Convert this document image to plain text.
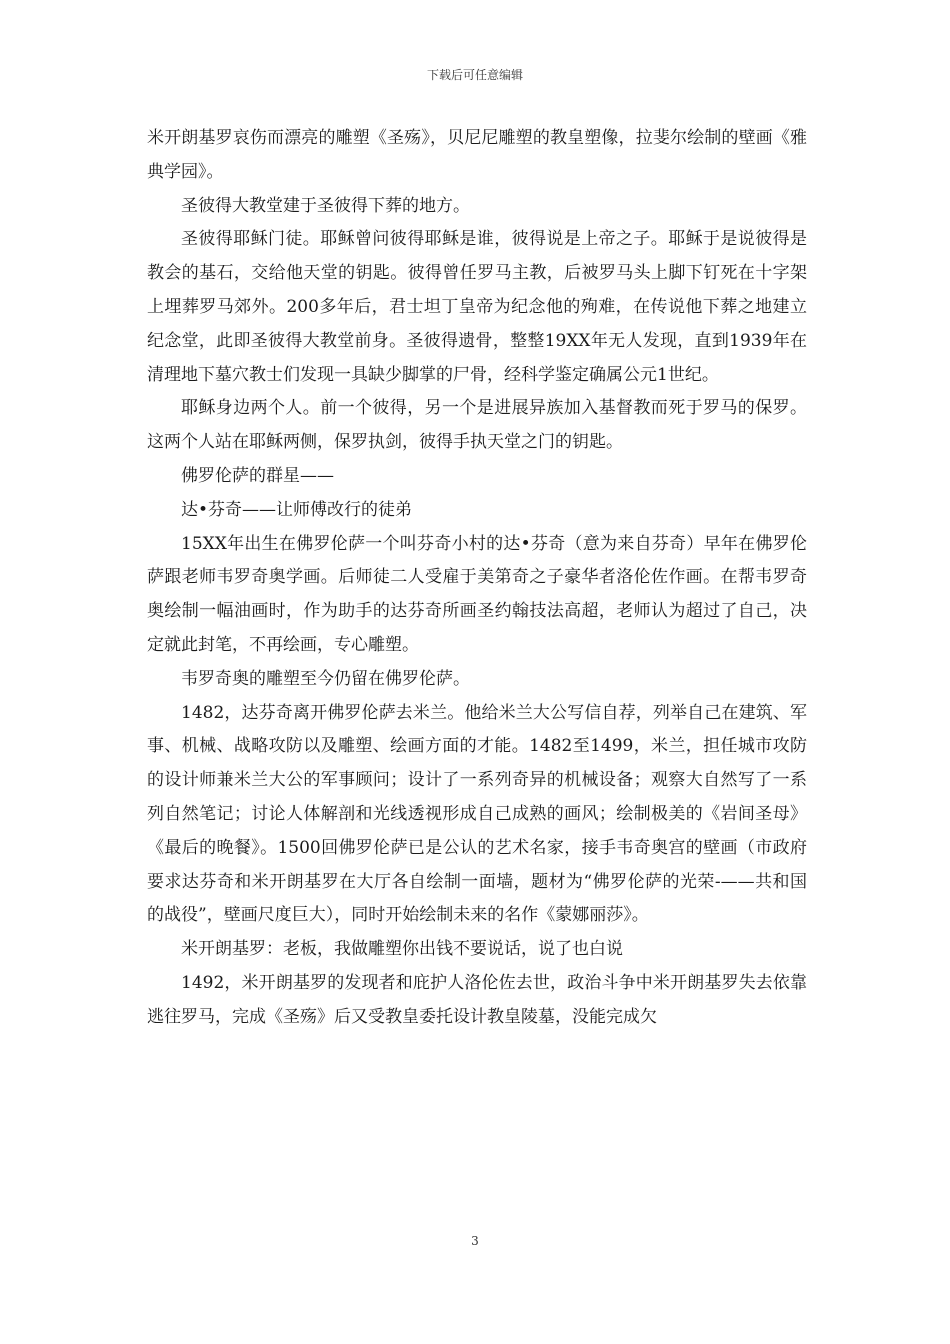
下载后可任意编辑

米开朗基罗哀伤而漂亮的雕塑《圣殇》，贝尼尼雕塑的教皇塑像，拉斐尔绘制的壁画《雅典学园》。

圣彼得大教堂建于圣彼得下葬的地方。

圣彼得耶稣门徒。耶稣曾问彼得耶稣是谁，彼得说是上帝之子。耶稣于是说彼得是教会的基石，交给他天堂的钥匙。彼得曾任罗马主教，后被罗马头上脚下钉死在十字架上埋葬罗马郊外。200多年后，君士坦丁皇帝为纪念他的殉难，在传说他下葬之地建立纪念堂，此即圣彼得大教堂前身。圣彼得遗骨，整整19XX年无人发现，直到1939年在清理地下墓穴教士们发现一具缺少脚掌的尸骨，经科学鉴定确属公元1世纪。

耶稣身边两个人。前一个彼得，另一个是进展异族加入基督教而死于罗马的保罗。这两个人站在耶稣两侧，保罗执剑，彼得手执天堂之门的钥匙。

佛罗伦萨的群星——

达•芬奇——让师傅改行的徒弟

15XX年出生在佛罗伦萨一个叫芬奇小村的达•芬奇（意为来自芬奇）早年在佛罗伦萨跟老师韦罗奇奥学画。后师徒二人受雇于美第奇之子豪华者洛伦佐作画。在帮韦罗奇奥绘制一幅油画时，作为助手的达芬奇所画圣约翰技法高超，老师认为超过了自己，决定就此封笔，不再绘画，专心雕塑。

韦罗奇奥的雕塑至今仍留在佛罗伦萨。

1482，达芬奇离开佛罗伦萨去米兰。他给米兰大公写信自荐，列举自己在建筑、军事、机械、战略攻防以及雕塑、绘画方面的才能。1482至1499，米兰，担任城市攻防的设计师兼米兰大公的军事顾问；设计了一系列奇异的机械设备；观察大自然写了一系列自然笔记；讨论人体解剖和光线透视形成自己成熟的画风；绘制极美的《岩间圣母》《最后的晚餐》。1500回佛罗伦萨已是公认的艺术名家，接手韦奇奥宫的壁画（市政府要求达芬奇和米开朗基罗在大厅各自绘制一面墙，题材为“佛罗伦萨的光荣-——共和国的战役”，壁画尺度巨大），同时开始绘制未来的名作《蒙娜丽莎》。

米开朗基罗：老板，我做雕塑你出钱不要说话，说了也白说

1492，米开朗基罗的发现者和庇护人洛伦佐去世，政治斗争中米开朗基罗失去依靠逃往罗马，完成《圣殇》后又受教皇委托设计教皇陵墓，没能完成欠

3
